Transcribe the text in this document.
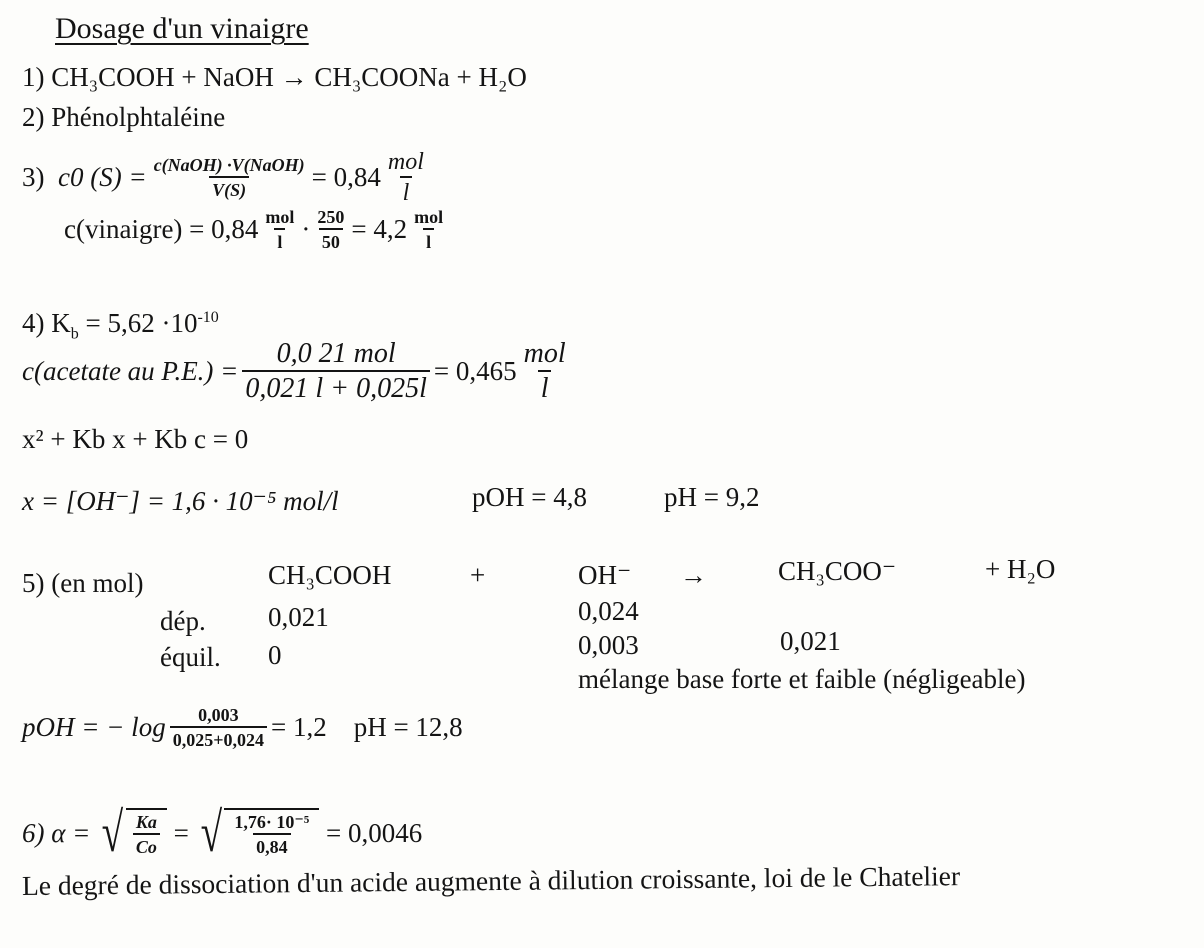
Dosage d'un vinaigre
1) CH₃COOH + NaOH → CH₃COONa + H₂O
2) Phénolphtaléine
3)
c0 $(S) = \frac{\text{c(NaOH) ·V(NaOH)}}{V(S)} = 0,84 \frac{\text{mol}}{l}$
c(vinaigre) = $0,84 \frac{\text{mol}}{l} \cdot \frac{250}{50} = 4,2 \frac{\text{mol}}{l}$
4) $K_b = 5,62 \cdot 10^{-10}$
c(acetate au $P.E.) = \frac{\text{0,0 21 mol}}{0,021 l + 0,025l} = 0,465 \frac{\text{mol}}{l}$
x² + Kb x + Kb c = 0
x = [OH⁻] = 1,6 · 10⁻⁵ mol/l	pOH = 4,8	pH = 9,2
5) (en mol)	CH₃COOH	+	OH⁻ →	CH₃COO⁻	+ H₂O
dép. 0,021	0,024
équil. 0	0,003	0,021
mélange base forte et faible (négligeable)
pOH = − $\log \frac{0,003}{0,025+0,024} = 1,2$
pH = 12,8
6) α =
√ $\frac{Ka}{Co}$
=
√ $\frac{\text{1,76· 10⁻⁵}}{0,84}$
= 0,0046
Le degré de dissociation d'un acide augmente à dilution croissante, loi de le Chatelier
